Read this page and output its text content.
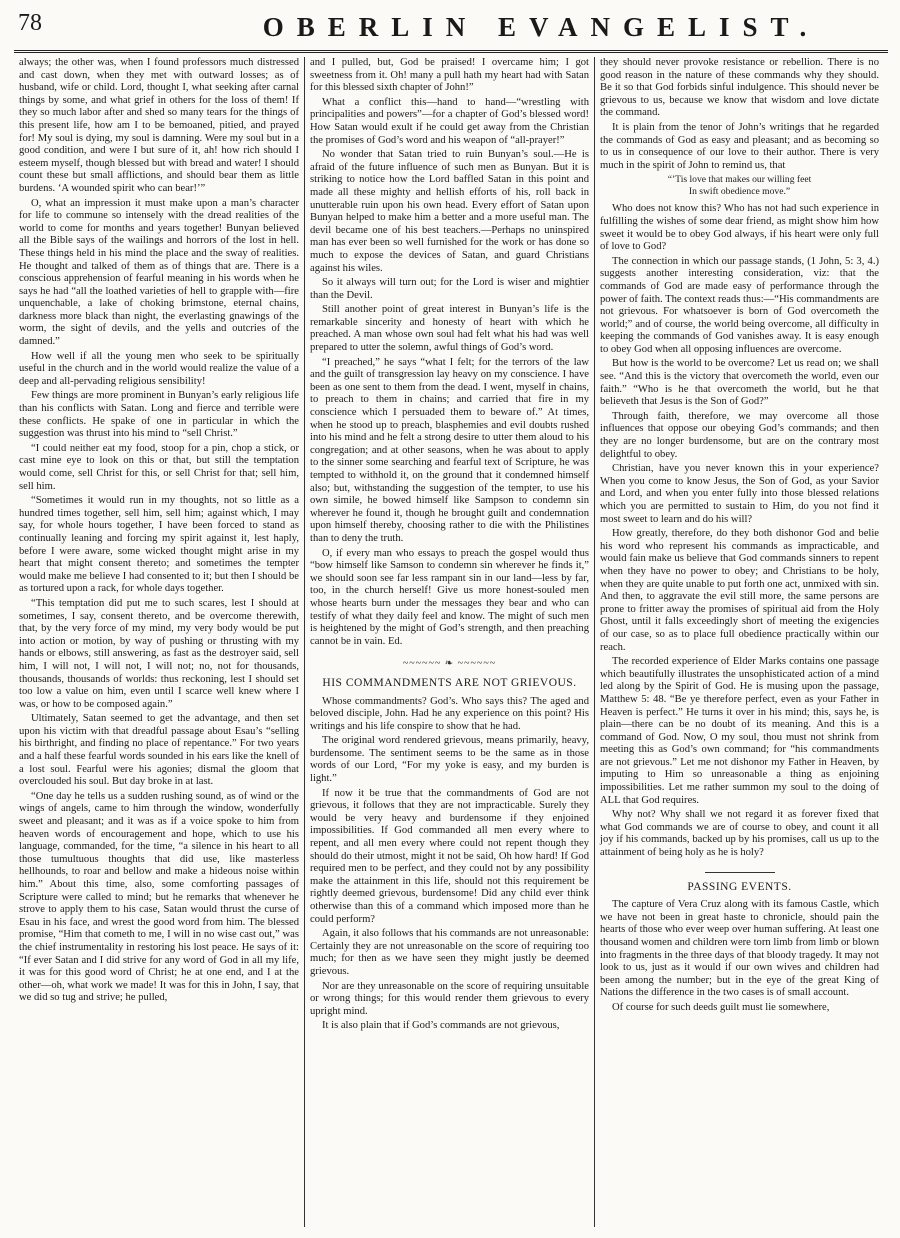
78	OBERLIN EVANGELIST.

always; the other was, when I found professors much distressed and cast down, when they met with outward losses; as of husband, wife or child. Lord, thought I, what seeking after carnal things by some, and what grief in others for the loss of them! If they so much labor after and shed so many tears for the things of this present life, how am I to be bemoaned, pitied, and prayed for! My soul is dying, my soul is damning. Were my soul but in a good condition, and were I but sure of it, ah! how rich should I esteem myself, though blessed but with bread and water! I should count these but small afflictions, and should bear them as little burdens. ‘A wounded spirit who can bear!’”

O, what an impression it must make upon a man’s character for life to commune so intensely with the dread realities of the world to come for months and years together! Bunyan believed all the Bible says of the wailings and horrors of the lost in hell. These things held in his mind the place and the sway of realities. He thought and talked of them as of things that are. There is a conscious apprehension of fearful meaning in his words when he says he had “all the loathed varieties of hell to grapple with—fire unquenchable, a lake of choking brimstone, eternal chains, darkness more black than night, the everlasting gnawings of the worm, the sight of devils, and the yells and outcries of the damned.”

How well if all the young men who seek to be spiritually useful in the church and in the world would realize the value of a deep and all-pervading religious sensibility!

Few things are more prominent in Bunyan’s early religious life than his conflicts with Satan. Long and fierce and terrible were these conflicts. He spake of one in particular in which the suggestion was thrust into his mind to “sell Christ.”

“I could neither eat my food, stoop for a pin, chop a stick, or cast mine eye to look on this or that, but still the temptation would come, sell Christ for this, or sell Christ for that; sell him, sell him.

“Sometimes it would run in my thoughts, not so little as a hundred times together, sell him, sell him; against which, I may say, for whole hours together, I have been forced to stand as continually leaning and forcing my spirit against it, lest haply, before I were aware, some wicked thought might arise in my heart that might consent thereto; and sometimes the tempter would make me believe I had consented to it; but then I should be as tortured upon a rack, for whole days together.

“This temptation did put me to such scares, lest I should at sometimes, I say, consent thereto, and be overcome therewith, that, by the very force of my mind, my very body would be put into action or motion, by way of pushing or thrusting with my hands or elbows, still answering, as fast as the destroyer said, sell him, I will not, I will not, I will not; no, not for thousands, thousands, thousands of worlds: thus reckoning, lest I should set too low a value on him, even until I scarce well knew where I was, or how to be composed again.”

Ultimately, Satan seemed to get the advantage, and then set upon his victim with that dreadful passage about Esau’s “selling his birthright, and finding no place of repentance.” For two years and a half these fearful words sounded in his ears like the knell of a lost soul. Fearful were his agonies; dismal the gloom that overclouded his soul. But day broke in at last.

“One day he tells us a sudden rushing sound, as of wind or the wings of angels, came to him through the window, wonderfully sweet and pleasant; and it was as if a voice spoke to him from heaven words of encouragement and hope, which to use his language, commanded, for the time, “a silence in his heart to all those tumultuous thoughts that did use, like masterless hellhounds, to roar and bellow and make a hideous noise within him.” About this time, also, some comforting passages of Scripture were called to mind; but he remarks that whenever he strove to apply them to his case, Satan would thrust the curse of Esau in his face, and wrest the good word from him. The blessed promise, “Him that cometh to me, I will in no wise cast out,” was the chief instrumentality in restoring his lost peace. He says of it: “If ever Satan and I did strive for any word of God in all my life, it was for this good word of Christ; he at one end, and I at the other—oh, what work we made! It was for this in John, I say, that we did so tug and strive; he pulled,

and I pulled, but, God be praised! I overcame him; I got sweetness from it. Oh! many a pull hath my heart had with Satan for this blessed sixth chapter of John!”

What a conflict this—hand to hand—“wrestling with principalities and powers”—for a chapter of God’s blessed word! How Satan would exult if he could get away from the Christian the promises of God’s word and his weapon of “all-prayer!”

No wonder that Satan tried to ruin Bunyan’s soul.—He is afraid of the future influence of such men as Bunyan. But it is striking to notice how the Lord baffled Satan in this point and made all these mighty and hellish efforts of his, roll back in unutterable ruin upon his own head. Every effort of Satan upon Bunyan helped to make him a better and a more useful man. The devil became one of his best teachers.—Perhaps no uninspired man has ever been so well furnished for the work or has done so much to expose the devices of Satan, and guard Christians against his wiles.

So it always will turn out; for the Lord is wiser and mightier than the Devil.

Still another point of great interest in Bunyan’s life is the remarkable sincerity and honesty of heart with which he preached. A man whose own soul had felt what his had was well prepared to utter the solemn, awful things of God’s word.

“I preached,” he says “what I felt; for the terrors of the law and the guilt of transgression lay heavy on my conscience. I have been as one sent to them from the dead. I went, myself in chains, to preach to them in chains; and carried that fire in my conscience which I persuaded them to beware of.” At times, when he stood up to preach, blasphemies and evil doubts rushed into his mind and he felt a strong desire to utter them aloud to his congregation; and at other seasons, when he was about to apply to the sinner some searching and fearful text of Scripture, he was tempted to withhold it, on the ground that it condemned himself also; but, withstanding the suggestion of the tempter, to use his own simile, he bowed himself like Sampson to condemn sin wherever he found it, though he brought guilt and condemnation upon himself thereby, choosing rather to die with the Philistines than to deny the truth.

O, if every man who essays to preach the gospel would thus “bow himself like Samson to condemn sin wherever he finds it,” we should soon see far less rampant sin in our land—less by far, too, in the church herself! Give us more honest-souled men whose hearts burn under the messages they bear and who can testify of what they daily feel and know. The might of such men is heightened by the might of God’s strength, and then preaching cannot be in vain. Ed.

~~~~~~ ❧ ~~~~~~
HIS COMMANDMENTS ARE NOT GRIEVOUS.

Whose commandments? God’s. Who says this? The aged and beloved disciple, John. Had he any experience on this point? His writings and his life conspire to show that he had.

The original word rendered grievous, means primarily, heavy, burdensome. The sentiment seems to be the same as in those words of our Lord, “For my yoke is easy, and my burden is light.”

If now it be true that the commandments of God are not grievous, it follows that they are not impracticable. Surely they would be very heavy and burdensome if they enjoined impossibilities. If God commanded all men every where to repent, and all men every where could not repent though they should do their utmost, might it not be said, Oh how hard! If God required men to be perfect, and they could not by any possibility make the attainment in this life, should not this requirement be rightly deemed grievous, burdensome! Did any child ever think otherwise than this of a command which imposed more than he could perform?

Again, it also follows that his commands are not unreasonable: Certainly they are not unreasonable on the score of requiring too much; for then as we have seen they might justly be deemed grievous.

Nor are they unreasonable on the score of requiring unsuitable or wrong things; for this would render them grievous to every upright mind.

It is also plain that if God’s commands are not grievous,

they should never provoke resistance or rebellion. There is no good reason in the nature of these commands why they should. Be it so that God forbids sinful indulgence. This should never be grievous to us, because we know that wisdom and love dictate the command.

It is plain from the tenor of John’s writings that he regarded the commands of God as easy and pleasant; and as becoming so to us in consequence of our love to their author. There is very much in the spirit of John to remind us, that

“’Tis love that makes our willing feet
In swift obedience move.”

Who does not know this? Who has not had such experience in fulfilling the wishes of some dear friend, as might show him how sweet it would be to obey God always, if his heart were only full of love to God?

The connection in which our passage stands, (1 John, 5: 3, 4.) suggests another interesting consideration, viz: that the commands of God are made easy of performance through the power of faith. The context reads thus:—“His commandments are not grievous. For whatsoever is born of God overcometh the world;” and of course, the world being overcome, all difficulty in keeping the commands of God vanishes away. It is easy enough to obey God when all opposing influences are overcome.

But how is the world to be overcome? Let us read on; we shall see. “And this is the victory that overcometh the world, even our faith.” “Who is he that overcometh the world, but he that believeth that Jesus is the Son of God?”

Through faith, therefore, we may overcome all those influences that oppose our obeying God’s commands; and then they are no longer burdensome, but are on the contrary most delightful to obey.

Christian, have you never known this in your experience? When you come to know Jesus, the Son of God, as your Savior and Lord, and when you enter fully into those blessed relations which you are permitted to sustain to Him, do you not find it most sweet to learn and do his will?

How greatly, therefore, do they both dishonor God and belie his word who represent his commands as impracticable, and would fain make us believe that God commands sinners to repent when they have no power to obey; and Christians to be holy, when they are quite unable to put forth one act, unmixed with sin. And then, to aggravate the evil still more, the same persons are prone to fritter away the promises of spiritual aid from the Holy Ghost, until it falls exceedingly short of meeting the exigencies of our case, so as to place full obedience practically within our reach.

The recorded experience of Elder Marks contains one passage which beautifully illustrates the unsophisticated action of a mind led along by the Spirit of God. He is musing upon the passage, Matthew 5: 48. “Be ye therefore perfect, even as your Father in Heaven is perfect.” He turns it over in his mind; this, says he, is plain—there can be no doubt of its meaning. And this is a command of God. Now, O my soul, thou must not shrink from meeting this as God’s own command; for “his commandments are not grievous.” Let me not dishonor my Father in Heaven, by imputing to Him so unreasonable a thing as enjoining impossibilities. Let me rather summon my soul to the doing of ALL that God requires.

Why not? Why shall we not regard it as forever fixed that what God commands we are of course to obey, and count it all joy if his commands, backed up by his promises, call us up to the attainment of being holy as he is holy?

PASSING EVENTS.

The capture of Vera Cruz along with its famous Castle, which we have not been in great haste to chronicle, should pain the hearts of those who ever weep over human suffering. At least one thousand women and children were torn limb from limb or blown into fragments in the three days of that bloody tragedy. It may not look to us, just as it would if our own wives and children had been among the number; but in the eye of the great King of Nations the difference in the two cases is of small account.

Of course for such deeds guilt must lie somewhere,
